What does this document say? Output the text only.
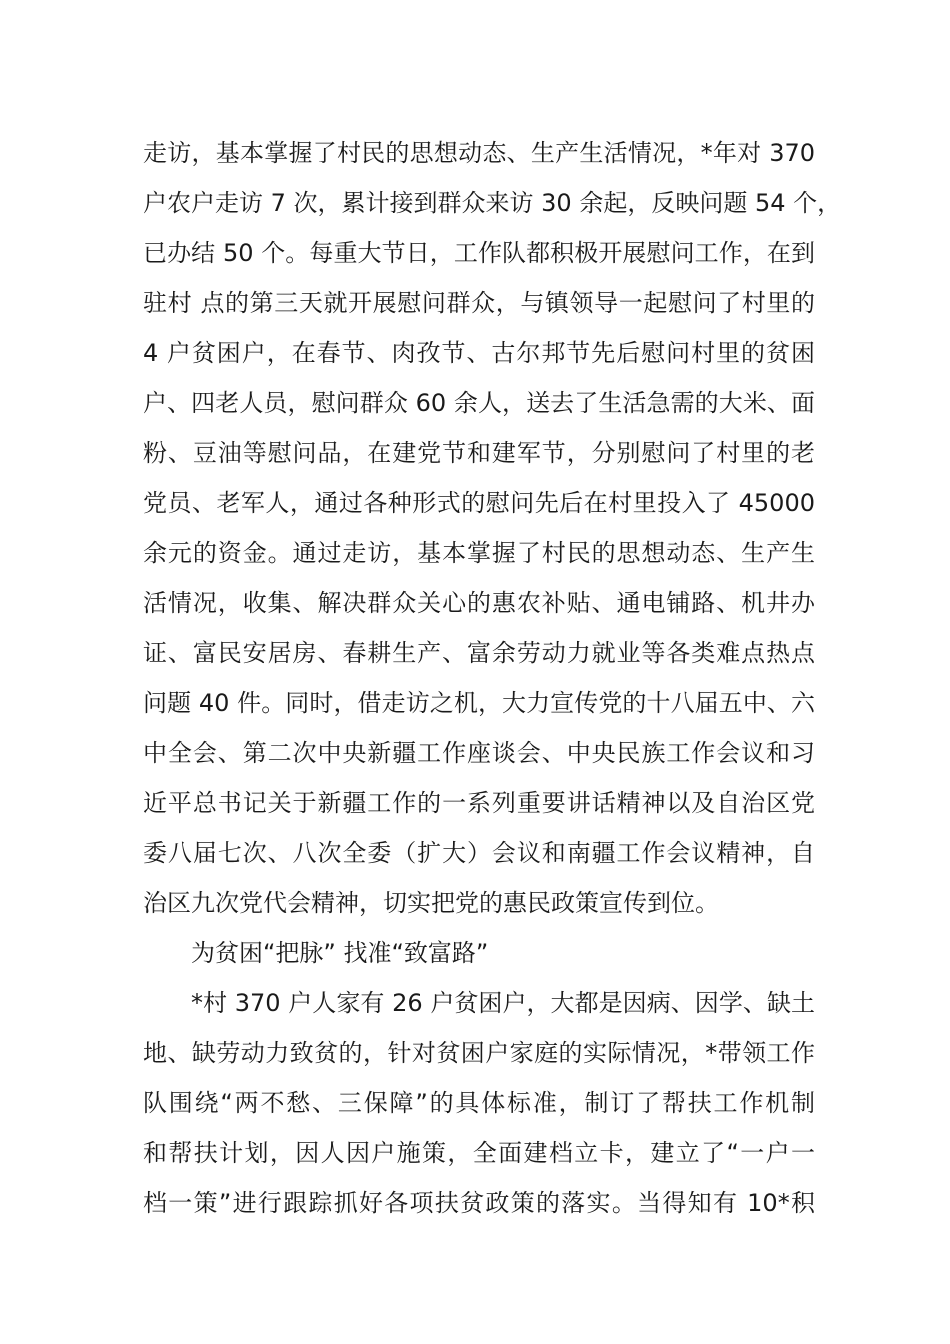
走访，基本掌握了村民的思想动态、生产生活情况，*年对 370
户农户走访 7 次，累计接到群众来访 30 余起，反映问题 54 个，
已办结 50 个。每重大节日，工作队都积极开展慰问工作，在到
驻村 点的第三天就开展慰问群众，与镇领导一起慰问了村里的
4 户贫困户，在春节、肉孜节、古尔邦节先后慰问村里的贫困
户、四老人员，慰问群众 60 余人，送去了生活急需的大米、面
粉、豆油等慰问品，在建党节和建军节，分别慰问了村里的老
党员、老军人，通过各种形式的慰问先后在村里投入了 45000
余元的资金。通过走访，基本掌握了村民的思想动态、生产生
活情况，收集、解决群众关心的惠农补贴、通电铺路、机井办
证、富民安居房、春耕生产、富余劳动力就业等各类难点热点
问题 40 件。同时，借走访之机，大力宣传党的十八届五中、六
中全会、第二次中央新疆工作座谈会、中央民族工作会议和习
近平总书记关于新疆工作的一系列重要讲话精神以及自治区党
委八届七次、八次全委（扩大）会议和南疆工作会议精神，自
治区九次党代会精神，切实把党的惠民政策宣传到位。
为贫困“把脉” 找准“致富路”
*村 370 户人家有 26 户贫困户，大都是因病、因学、缺土
地、缺劳动力致贫的，针对贫困户家庭的实际情况，*带领工作
队围绕“两不愁、三保障”的具体标准，制订了帮扶工作机制
和帮扶计划，因人因户施策，全面建档立卡，建立了“一户一
档一策”进行跟踪抓好各项扶贫政策的落实。当得知有 10*积
